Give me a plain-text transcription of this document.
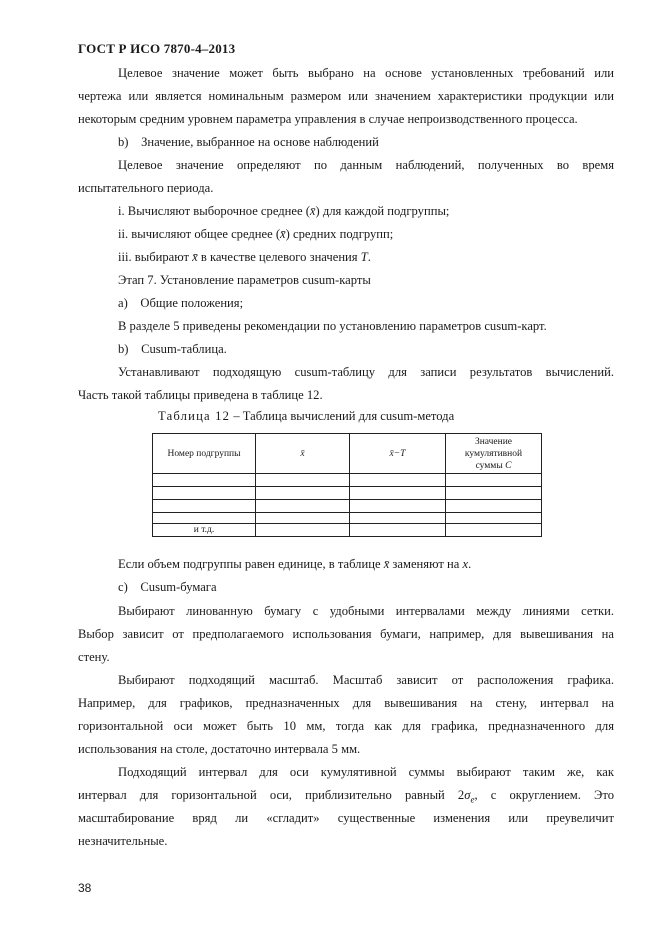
ГОСТ Р ИСО 7870-4–2013
Целевое значение может быть выбрано на основе установленных требований или
чертежа или является номинальным размером или значением характеристики продукции или
некоторым средним уровнем параметра управления в случае непроизводственного процесса.
b) Значение, выбранное на основе наблюдений
Целевое значение определяют по данным наблюдений, полученных во время
испытательного периода.
i. Вычисляют выборочное среднее (x̄) для каждой подгруппы;
ii. вычисляют общее среднее (x̄̄) средних подгрупп;
iii. выбирают x̄̄ в качестве целевого значения T.
Этап 7. Установление параметров cusum-карты
a) Общие положения;
В разделе 5 приведены рекомендации по установлению параметров cusum-карт.
b) Cusum-таблица.
Устанавливают подходящую cusum-таблицу для записи результатов вычислений.
Часть такой таблицы приведена в таблице 12.
Таблица 12 – Таблица вычислений для cusum-метода
Номер подгруппы	x̄	x̄−T	Значение
кумулятивной
суммы C

и т.д.			
Если объем подгруппы равен единице, в таблице x̄ заменяют на x.
c) Cusum-бумага
Выбирают линованную бумагу с удобными интервалами между линиями сетки.
Выбор зависит от предполагаемого использования бумаги, например, для вывешивания на
стену.
Выбирают подходящий масштаб. Масштаб зависит от расположения графика.
Например, для графиков, предназначенных для вывешивания на стену, интервал на
горизонтальной оси может быть 10 мм, тогда как для графика, предназначенного для
использования на столе, достаточно интервала 5 мм.
Подходящий интервал для оси кумулятивной суммы выбирают таким же, как
интервал для горизонтальной оси, приблизительно равный $2\sigma_e$, с округлением. Это
масштабирование вряд ли «сгладит» существенные изменения или преувеличит
незначительные.
38
